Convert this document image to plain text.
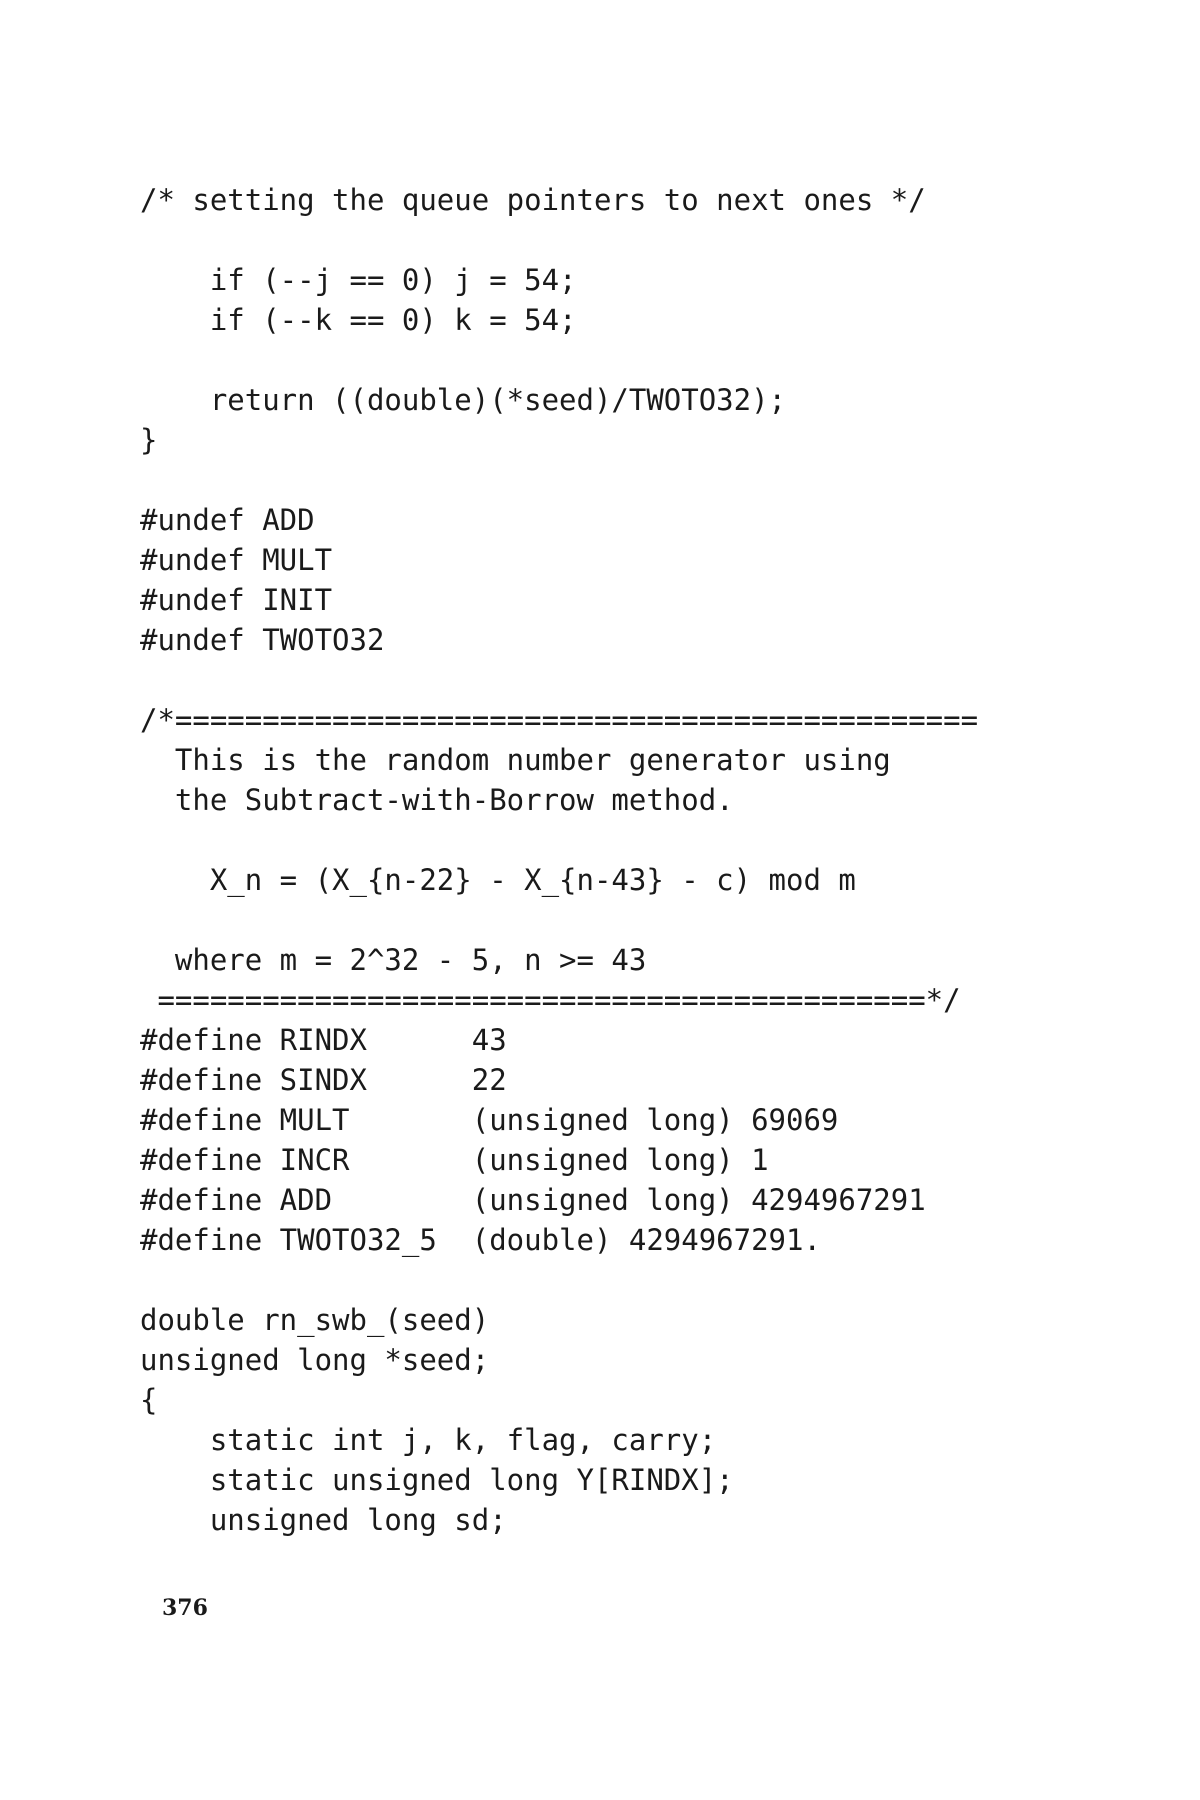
/* setting the queue pointers to next ones */
if (--j == 0) j = 54;
if (--k == 0) k = 54;
return ((double)(*seed)/TWOTO32);
}
#undef ADD
#undef MULT
#undef INIT
#undef TWOTO32
/*==============================================
This is the random number generator using
the Subtract-with-Borrow method.
X_n = (X_{n-22} - X_{n-43} - c) mod m
where m = 2^32 - 5, n >= 43
============================================*/
#define RINDX      43
#define SINDX      22
#define MULT       (unsigned long) 69069
#define INCR       (unsigned long) 1
#define ADD        (unsigned long) 4294967291
#define TWOTO32_5  (double) 4294967291.
double rn_swb_(seed)
unsigned long *seed;
{
static int j, k, flag, carry;
static unsigned long Y[RINDX];
unsigned long sd;
376
